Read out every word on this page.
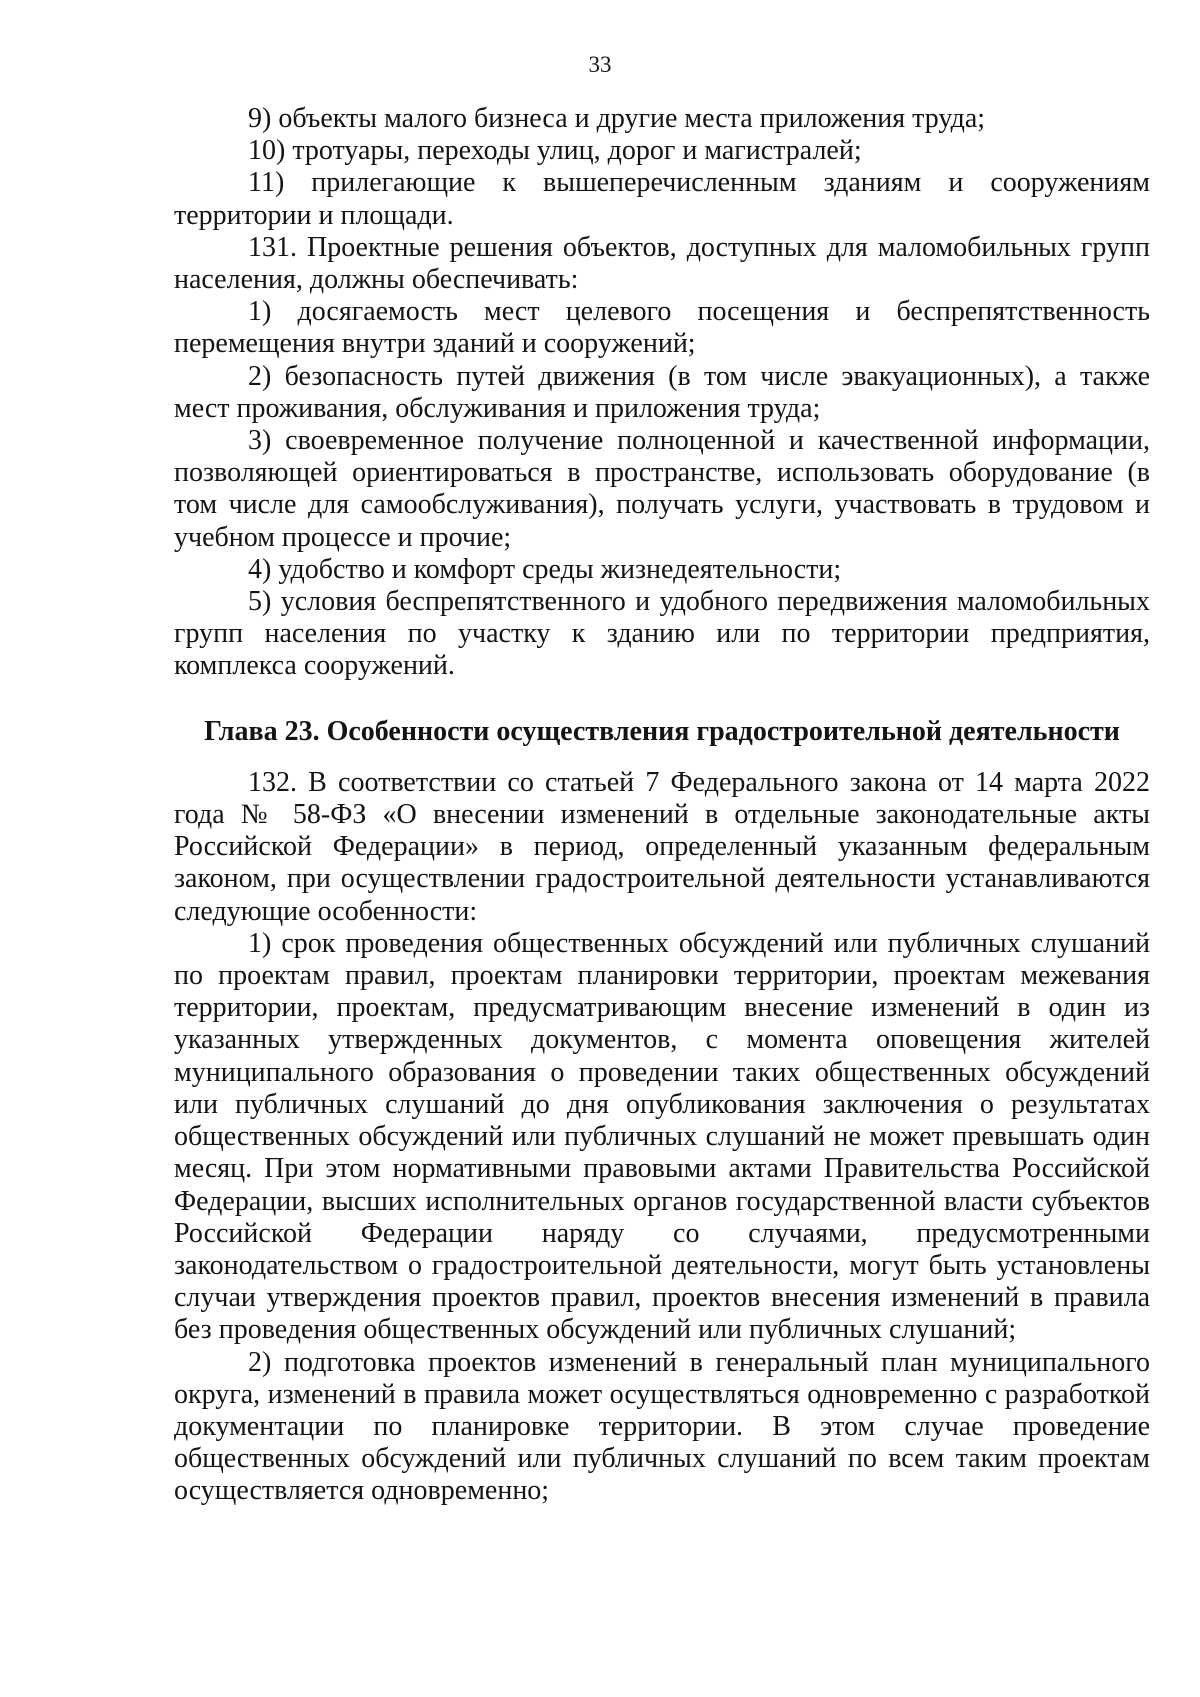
33

9) объекты малого бизнеса и другие места приложения труда;

10) тротуары, переходы улиц, дорог и магистралей;

11) прилегающие к вышеперечисленным зданиям и сооружениям территории и площади.

131. Проектные решения объектов, доступных для маломобильных групп населения, должны обеспечивать:

1) досягаемость мест целевого посещения и беспрепятственность перемещения внутри зданий и сооружений;

2) безопасность путей движения (в том числе эвакуационных), а также мест проживания, обслуживания и приложения труда;

3) своевременное получение полноценной и качественной информации, позволяющей ориентироваться в пространстве, использовать оборудование (в том числе для самообслуживания), получать услуги, участвовать в трудовом и учебном процессе и прочие;

4) удобство и комфорт среды жизнедеятельности;

5) условия беспрепятственного и удобного передвижения маломобильных групп населения по участку к зданию или по территории предприятия, комплекса сооружений.

Глава 23. Особенности осуществления градостроительной деятельности

132. В соответствии со статьей 7 Федерального закона от 14 марта 2022 года № 58-ФЗ «О внесении изменений в отдельные законодательные акты Российской Федерации» в период, определенный указанным федеральным законом, при осуществлении градостроительной деятельности устанавливаются следующие особенности:

1) срок проведения общественных обсуждений или публичных слушаний по проектам правил, проектам планировки территории, проектам межевания территории, проектам, предусматривающим внесение изменений в один из указанных утвержденных документов, с момента оповещения жителей муниципального образования о проведении таких общественных обсуждений или публичных слушаний до дня опубликования заключения о результатах общественных обсуждений или публичных слушаний не может превышать один месяц. При этом нормативными правовыми актами Правительства Российской Федерации, высших исполнительных органов государственной власти субъектов Российской Федерации наряду со случаями, предусмотренными законодательством о градостроительной деятельности, могут быть установлены случаи утверждения проектов правил, проектов внесения изменений в правила без проведения общественных обсуждений или публичных слушаний;

2) подготовка проектов изменений в генеральный план муниципального округа, изменений в правила может осуществляться одновременно с разработкой документации по планировке территории. В этом случае проведение общественных обсуждений или публичных слушаний по всем таким проектам осуществляется одновременно;
